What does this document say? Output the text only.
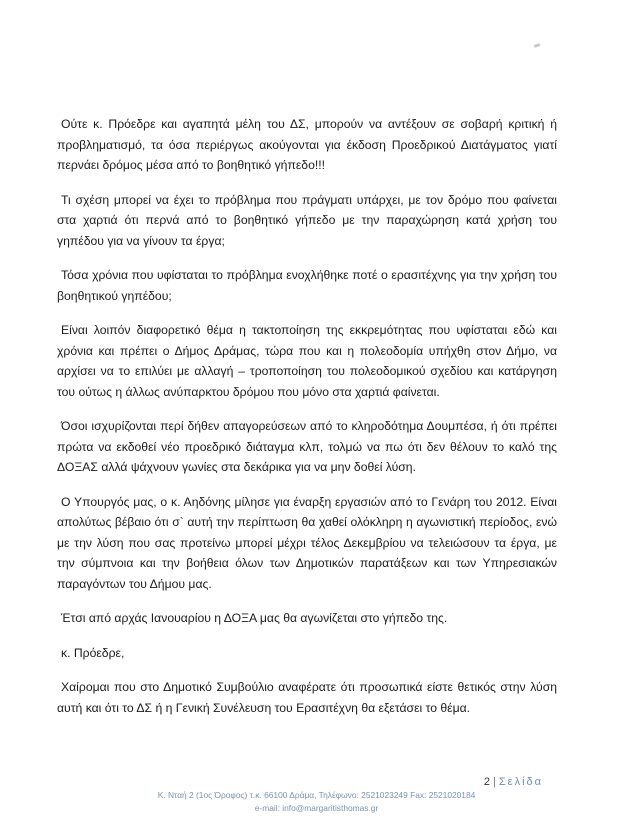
Ούτε κ. Πρόεδρε και αγαπητά μέλη του ΔΣ, μπορούν να αντέξουν σε σοβαρή κριτική ή προβληματισμό, τα όσα περιέργως ακούγονται για έκδοση Προεδρικού Διατάγματος γιατί περνάει δρόμος μέσα από το βοηθητικό γήπεδο!!!

Τι σχέση μπορεί να έχει το πρόβλημα που πράγματι υπάρχει, με τον δρόμο που φαίνεται στα χαρτιά ότι περνά από το βοηθητικό γήπεδο με την παραχώρηση κατά χρήση του γηπέδου για να γίνουν τα έργα;

Τόσα χρόνια που υφίσταται το πρόβλημα ενοχλήθηκε ποτέ ο ερασιτέχνης για την χρήση του βοηθητικού γηπέδου;

Είναι λοιπόν διαφορετικό θέμα η τακτοποίηση της εκκρεμότητας που υφίσταται εδώ και χρόνια και πρέπει ο Δήμος Δράμας, τώρα που και η πολεοδομία υπήχθη στον Δήμο, να αρχίσει να το επιλύει με αλλαγή – τροποποίηση του πολεοδομικού σχεδίου και κατάργηση του ούτως η άλλως ανύπαρκτου δρόμου που μόνο στα χαρτιά φαίνεται.

Όσοι ισχυρίζονται περί δήθεν απαγορεύσεων από το κληροδότημα Δουμπέσα, ή ότι πρέπει πρώτα να εκδοθεί νέο προεδρικό διάταγμα κλπ, τολμώ να πω ότι δεν θέλουν το καλό της ΔΟΞΑΣ αλλά ψάχνουν γωνίες στα δεκάρικα για να μην δοθεί λύση.

Ο Υπουργός μας, ο κ. Αηδόνης μίλησε για έναρξη εργασιών από το Γενάρη του 2012. Είναι απολύτως βέβαιο ότι σ` αυτή την περίπτωση θα χαθεί ολόκληρη η αγωνιστική περίοδος, ενώ με την λύση που σας προτείνω μπορεί μέχρι τέλος Δεκεμβρίου να τελειώσουν τα έργα, με την σύμπνοια και την βοήθεια όλων των Δημοτικών παρατάξεων και των Υπηρεσιακών παραγόντων του Δήμου μας.

Έτσι από αρχάς Ιανουαρίου η ΔΟΞΑ μας θα αγωνίζεται στο γήπεδο της.

κ. Πρόεδρε,

Χαίρομαι που στο Δημοτικό Συμβούλιο αναφέρατε ότι προσωπικά είστε θετικός στην λύση αυτή και ότι το ΔΣ ή η Γενική Συνέλευση του Ερασιτέχνη θα εξετάσει το θέμα.

2 | Σελίδα
Κ. Νταή 2 (1ος Όροφος) τ.κ. 66100 Δράμα, Τηλέφωνο: 2521023249 Fax: 2521020184
e-mail: info@margaritisthomas.gr
